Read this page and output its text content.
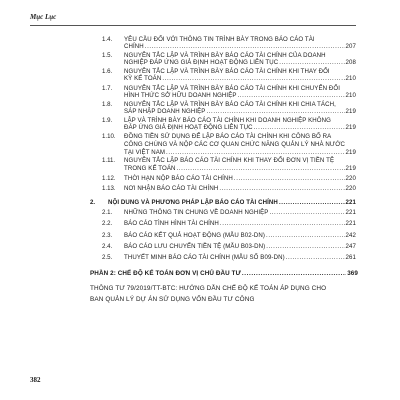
Mục Lục
1.4. YÊU CẦU ĐỐI VỚI THÔNG TIN TRÌNH BÀY TRONG BÁO CÁO TÀI
CHÍNH .....	207
1.5. NGUYÊN TẮC LẬP VÀ TRÌNH BÀY BÁO CÁO TÀI CHÍNH CỦA DOANH
NGHIỆP ĐÁP ỨNG GIẢ ĐỊNH HOẠT ĐỘNG LIÊN TỤC .....	208
1.6. NGUYÊN TẮC LẬP VÀ TRÌNH BÀY BÁO CÁO TÀI CHÍNH KHI THAY ĐỔI
KỲ KẾ TOÁN .....	210
1.7. NGUYÊN TẮC LẬP VÀ TRÌNH BÀY BÁO CÁO TÀI CHÍNH KHI CHUYỂN ĐỔI
HÌNH THỨC SỞ HỮU DOANH NGHIỆP .....	210
1.8. NGUYÊN TẮC LẬP VÀ TRÌNH BÀY BÁO CÁO TÀI CHÍNH KHI CHIA TÁCH,
SÁP NHẬP DOANH NGHIỆP .....	219
1.9. LẬP VÀ TRÌNH BÀY BÁO CÁO TÀI CHÍNH KHI DOANH NGHIỆP KHÔNG
ĐÁP ỨNG GIẢ ĐỊNH HOẠT ĐỘNG LIÊN TỤC .....	219
1.10. ĐỒNG TIỀN SỬ DỤNG ĐỂ LẬP BÁO CÁO TÀI CHÍNH KHI CÔNG BỐ RA
CÔNG CHÚNG VÀ NỘP CÁC CƠ QUAN CHỨC NĂNG QUẢN LÝ NHÀ NƯỚC
TẠI VIỆT NAM .....	219
1.11. NGUYÊN TẮC LẬP BÁO CÁO TÀI CHÍNH KHI THAY ĐỔI ĐƠN VỊ TIỀN TỆ
TRONG KẾ TOÁN .....	219
1.12. THỜI HẠN NỘP BÁO CÁO TÀI CHÍNH .....	220
1.13. NƠI NHẬN BÁO CÁO TÀI CHÍNH .....	220
2. NỘI DUNG VÀ PHƯƠNG PHÁP LẬP BÁO CÁO TÀI CHÍNH .....	221
2.1. NHỮNG THÔNG TIN CHUNG VỀ DOANH NGHIỆP .....	221
2.2. BÁO CÁO TÌNH HÌNH TÀI CHÍNH .....	221
2.3. BÁO CÁO KẾT QUẢ HOẠT ĐỘNG (MẪU B02-DN) .....	242
2.4. BÁO CÁO LƯU CHUYỂN TIỀN TỆ (MẪU B03-DN) .....	247
2.5. THUYẾT MINH BÁO CÁO TÀI CHÍNH (MẪU SỐ B09-DN) .....	261
PHẦN 2: CHẾ ĐỘ KẾ TOÁN ĐƠN VỊ CHỦ ĐẦU TƯ .....	369
THÔNG TƯ 79/2019/TT-BTC: HƯỚNG DẪN CHẾ ĐỘ KẾ TOÁN ÁP DỤNG CHO
BAN QUẢN LÝ DỰ ÁN SỬ DỤNG VỐN ĐẦU TƯ CÔNG
382
